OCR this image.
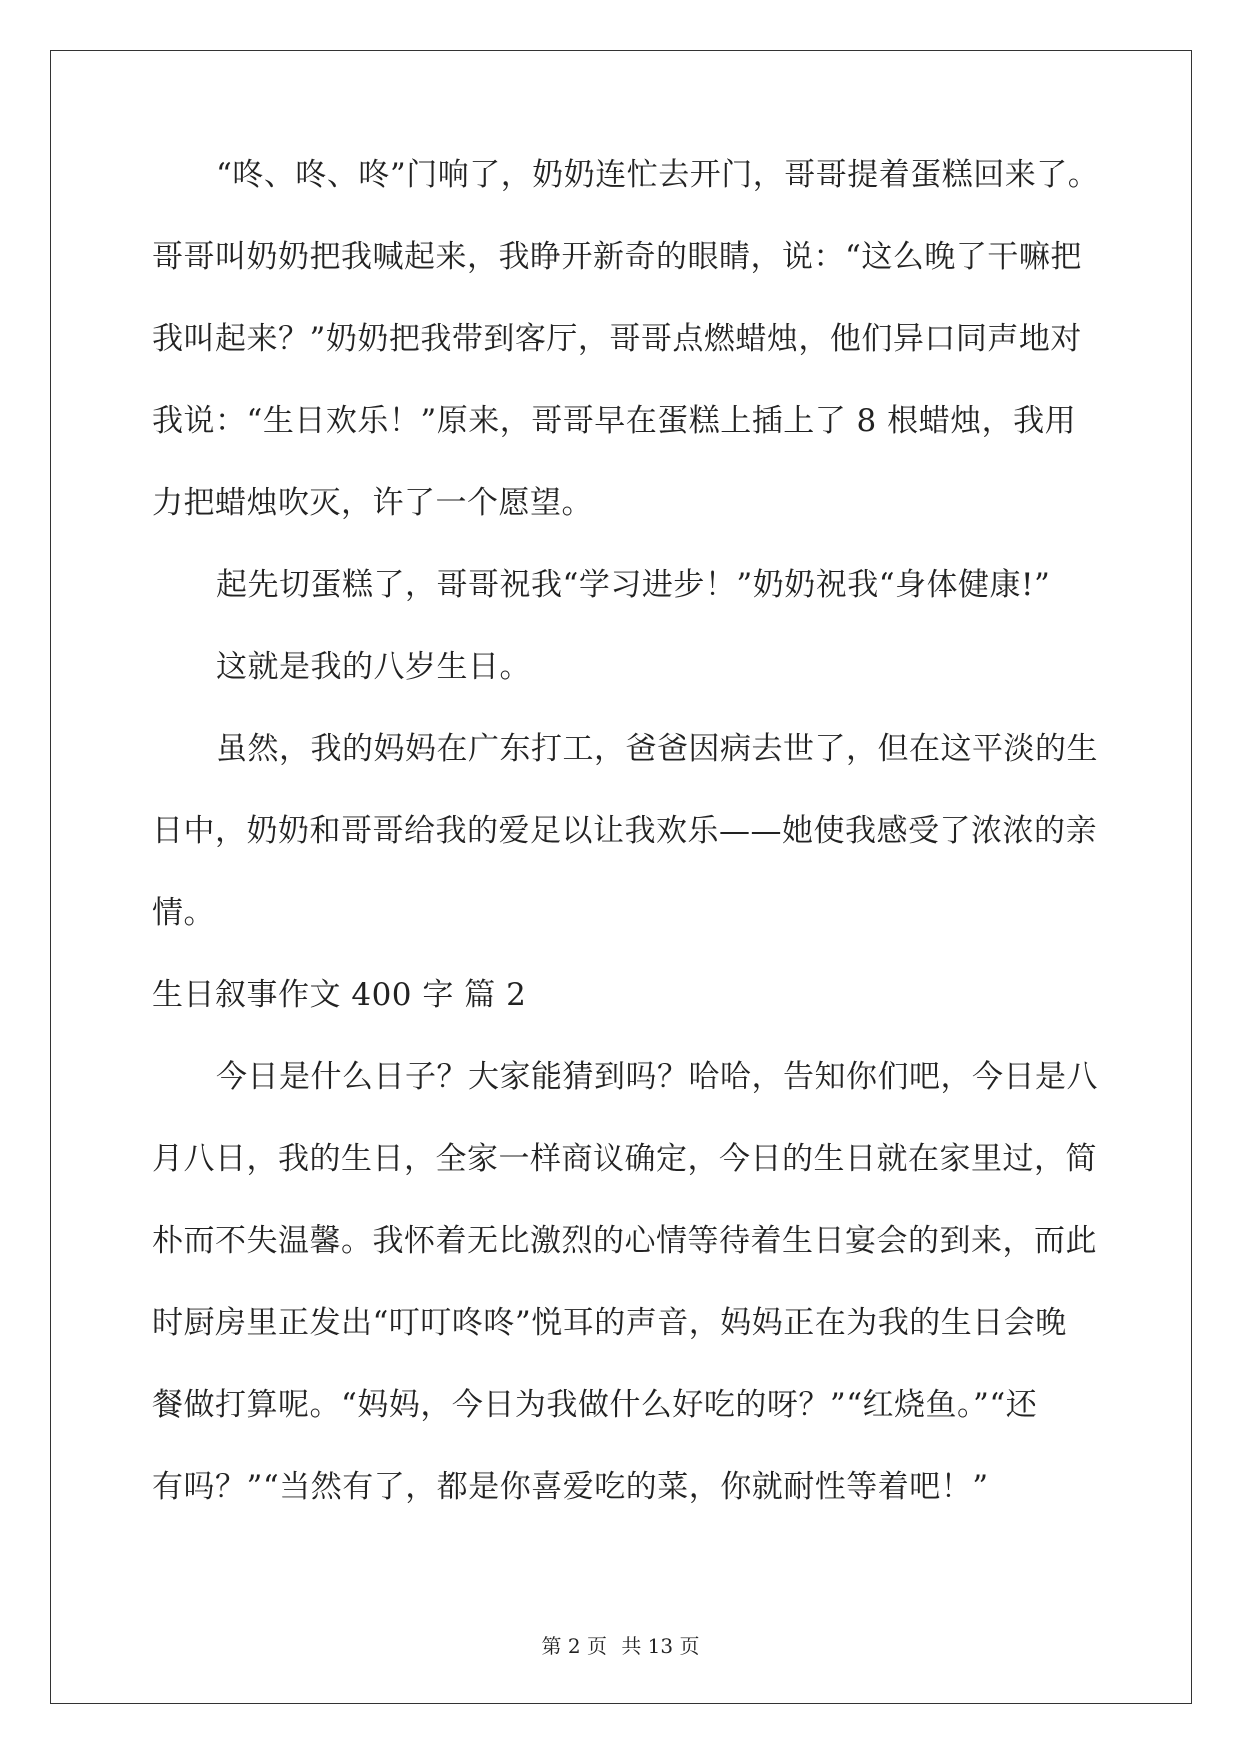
“咚、咚、咚”门响了，奶奶连忙去开门，哥哥提着蛋糕回来了。
哥哥叫奶奶把我喊起来，我睁开新奇的眼睛，说：“这么晚了干嘛把
我叫起来？”奶奶把我带到客厅，哥哥点燃蜡烛，他们异口同声地对
我说：“生日欢乐！”原来，哥哥早在蛋糕上插上了 8 根蜡烛，我用
力把蜡烛吹灭，许了一个愿望。
起先切蛋糕了，哥哥祝我“学习进步！”奶奶祝我“身体健康!”
这就是我的八岁生日。
虽然，我的妈妈在广东打工，爸爸因病去世了，但在这平淡的生
日中，奶奶和哥哥给我的爱足以让我欢乐——她使我感受了浓浓的亲
情。
生日叙事作文 400 字 篇 2
今日是什么日子？大家能猜到吗？哈哈，告知你们吧，今日是八
月八日，我的生日，全家一样商议确定，今日的生日就在家里过，简
朴而不失温馨。我怀着无比激烈的心情等待着生日宴会的到来，而此
时厨房里正发出“叮叮咚咚”悦耳的声音，妈妈正在为我的生日会晚
餐做打算呢。“妈妈，今日为我做什么好吃的呀？”“红烧鱼。”“还
有吗？”“当然有了，都是你喜爱吃的菜，你就耐性等着吧！”
第 2 页 共 13 页
